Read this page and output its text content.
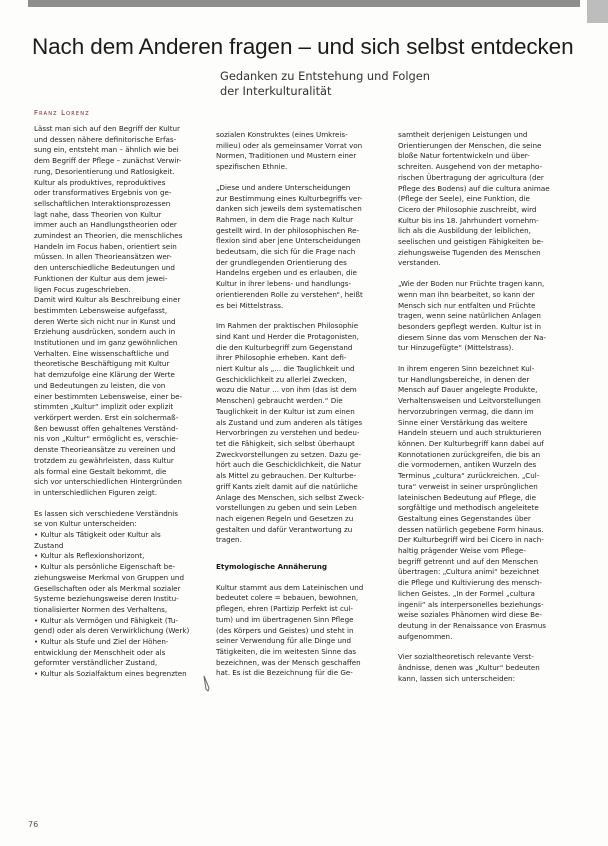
Nach dem Anderen fragen – und sich selbst entdecken
Gedanken zu Entstehung und Folgen
der Interkulturalität
Franz Lorenz
Lässt man sich auf den Begriff der Kultur
und dessen nähere definitorische Erfas-
sung ein, entsteht man – ähnlich wie bei
dem Begriff der Pflege – zunächst Verwir-
rung, Desorientierung und Ratlosigkeit.
Kultur als produktives, reproduktives
oder transformatives Ergebnis von ge-
sellschaftlichen Interaktionsprozessen
lagt nahe, dass Theorien von Kultur
immer auch an Handlungstheorien oder
zumindest an Theorien, die menschliches
Handeln im Focus haben, orientiert sein
müssen. In allen Theorieansätzen wer-
den unterschiedliche Bedeutungen und
Funktionen der Kultur aus dem jewei-
ligen Focus zugeschrieben.
Damit wird Kultur als Beschreibung einer
bestimmten Lebensweise aufgefasst,
deren Werte sich nicht nur in Kunst und
Erziehung ausdrücken, sondern auch in
Institutionen und im ganz gewöhnlichen
Verhalten. Eine wissenschaftliche und
theoretische Beschäftigung mit Kultur
hat demzufolge eine Klärung der Werte
und Bedeutungen zu leisten, die von
einer bestimmten Lebensweise, einer be-
stimmten „Kultur“ implizit oder explizit
verkörpert werden. Erst ein solchermaß-
ßen bewusst offen gehaltenes Verständ-
nis von „Kultur“ ermöglicht es, verschie-
denste Theorieansätze zu vereinen und
trotzdem zu gewährleisten, dass Kultur
als formal eine Gestalt bekommt, die
sich vor unterschiedlichen Hintergründen
in unterschiedlichen Figuren zeigt.
Es lassen sich verschiedene Verständnis
se von Kultur unterscheiden:
• Kultur als Tätigkeit oder Kultur als
Zustand
• Kultur als Reflexionshorizont,
• Kultur als persönliche Eigenschaft be-
ziehungsweise Merkmal von Gruppen und
Gesellschaften oder als Merkmal sozialer
Systeme beziehungsweise deren Institu-
tionalisierter Normen des Verhaltens,
• Kultur als Vermögen und Fähigkeit (Tu-
gend) oder als deren Verwirklichung (Werk)
• Kultur als Stufe und Ziel der Höhen-
entwicklung der Menschheit oder als
geformter verständlicher Zustand,
• Kultur als Sozialfaktum eines begrenzten
sozialen Konstruktes (eines Umkreis-
milieu) oder als gemeinsamer Vorrat von
Normen, Traditionen und Mustern einer
spezifischen Ethnie.
„Diese und andere Unterscheidungen
zur Bestimmung eines Kulturbegriffs ver-
danken sich jeweils dem systematischen
Rahmen, in dem die Frage nach Kultur
gestellt wird. In der philosophischen Re-
flexion sind aber jene Unterscheidungen
bedeutsam, die sich für die Frage nach
der grundlegenden Orientierung des
Handelns ergeben und es erlauben, die
Kultur in ihrer lebens- und handlungs-
orientierenden Rolle zu verstehen“, heißt
es bei Mittelstrass.
Im Rahmen der praktischen Philosophie
sind Kant und Herder die Protagonisten,
die den Kulturbegriff zum Gegenstand
ihrer Philosophie erheben. Kant defi-
niert Kultur als „... die Tauglichkeit und
Geschicklichkeit zu allerlei Zwecken,
wozu die Natur ... von ihm (das ist dem
Menschen) gebraucht werden.“ Die
Tauglichkeit in der Kultur ist zum einen
als Zustand und zum anderen als tätiges
Hervorbringen zu verstehen und bedeu-
tet die Fähigkeit, sich selbst überhaupt
Zweckvorstellungen zu setzen. Dazu ge-
hört auch die Geschicklichkeit, die Natur
als Mittel zu gebrauchen. Der Kulturbe-
griff Kants zielt damit auf die natürliche
Anlage des Menschen, sich selbst Zweck-
vorstellungen zu geben und sein Leben
nach eigenen Regeln und Gesetzen zu
gestalten und dafür Verantwortung zu
tragen.
Etymologische Annäherung
Kultur stammt aus dem Lateinischen und
bedeutet colere = bebauen, bewohnen,
pflegen, ehren (Partizip Perfekt ist cul-
tum) und im übertragenen Sinn Pflege
(des Körpers und Geistes) und steht in
seiner Verwendung für alle Dinge und
Tätigkeiten, die im weitesten Sinne das
bezeichnen, was der Mensch geschaffen
hat. Es ist die Bezeichnung für die Ge-
samtheit derjenigen Leistungen und
Orientierungen der Menschen, die seine
bloße Natur fortentwickeln und über-
schreiten. Ausgehend von der metapho-
rischen Übertragung der agricultura (der
Pflege des Bodens) auf die cultura animae
(Pflege der Seele), eine Funktion, die
Cicero der Philosophie zuschreibt, wird
Kultur bis ins 18. Jahrhundert vornehm-
lich als die Ausbildung der leiblichen,
seelischen und geistigen Fähigkeiten be-
ziehungsweise Tugenden des Menschen
verstanden.
„Wie der Boden nur Früchte tragen kann,
wenn man ihn bearbeitet, so kann der
Mensch sich nur entfalten und Früchte
tragen, wenn seine natürlichen Anlagen
besonders gepflegt werden. Kultur ist in
diesem Sinne das vom Menschen der Na-
tur Hinzugefügte“ (Mittelstrass).
In ihrem engeren Sinn bezeichnet Kul-
tur Handlungsbereiche, in denen der
Mensch auf Dauer angelegte Produkte,
Verhaltensweisen und Leitvorstellungen
hervorzubringen vermag, die dann im
Sinne einer Verstärkung das weitere
Handeln steuern und auch strukturieren
können. Der Kulturbegriff kann dabei auf
Konnotationen zurückgreifen, die bis an
die vormodernen, antiken Wurzeln des
Terminus „cultura“ zurückreichen. „Cul-
tura“ verweist in seiner ursprünglichen
lateinischen Bedeutung auf Pflege, die
sorgfältige und methodisch angeleitete
Gestaltung eines Gegenstandes über
dessen natürlich gegebene Form hinaus.
Der Kulturbegriff wird bei Cicero in nach-
haltig prägender Weise vom Pflege-
begriff getrennt und auf den Menschen
übertragen: „Cultura animi“ bezeichnet
die Pflege und Kultivierung des mensch-
lichen Geistes. „In der Formel „cultura
ingenii“ als interpersonelles beziehungs-
weise soziales Phänomen wird diese Be-
deutung in der Renaissance von Erasmus
aufgenommen.
Vier sozialtheoretisch relevante Verst-
ändnisse, denen was „Kultur“ bedeuten
kann, lassen sich unterscheiden:
76
